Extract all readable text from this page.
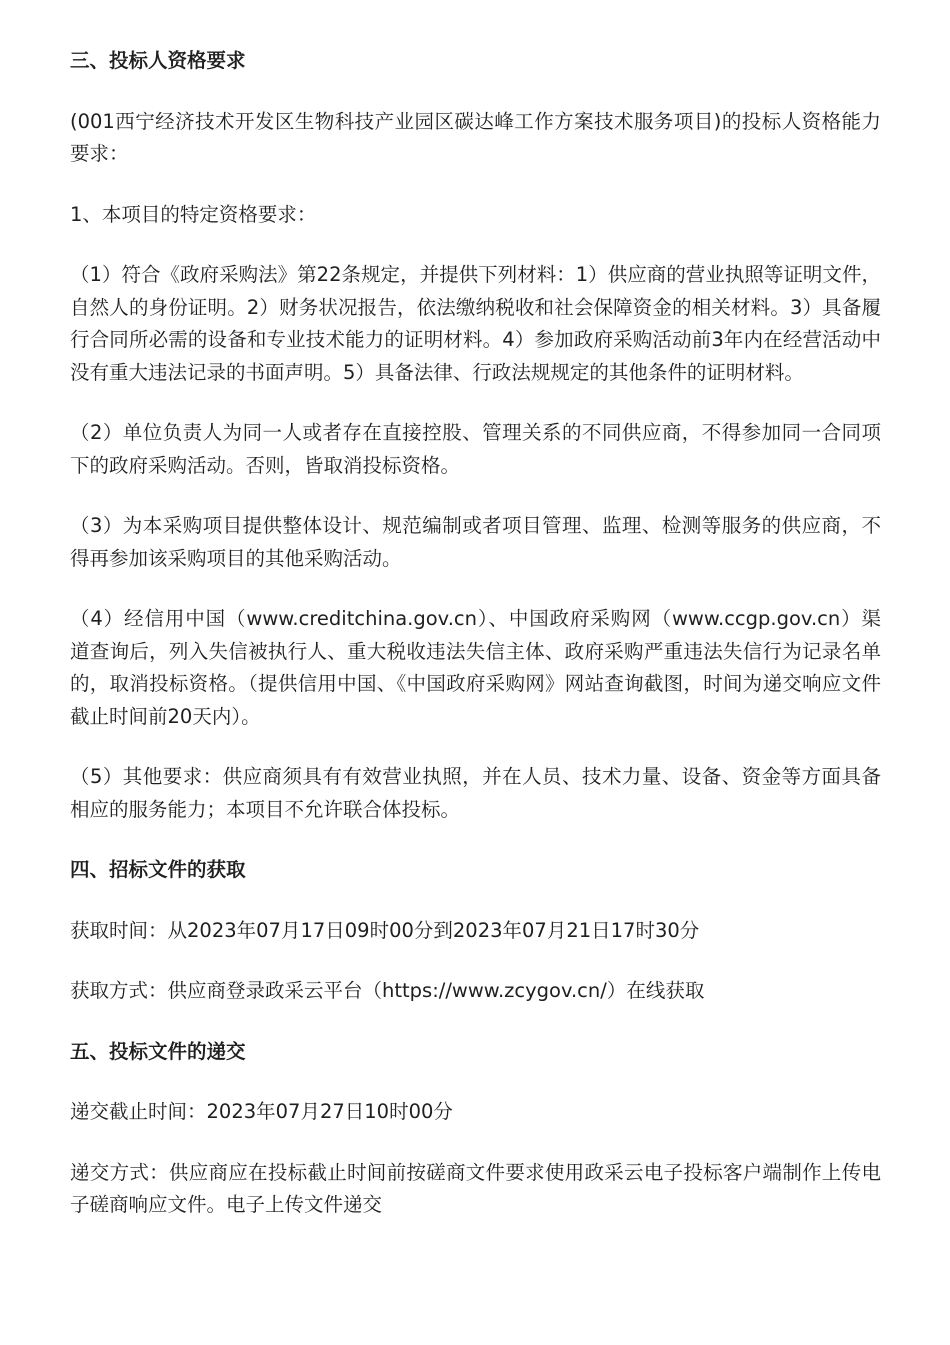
三、投标人资格要求
(001西宁经济技术开发区生物科技产业园区碳达峰工作方案技术服务项目)的投标人资格能力要求：
1、本项目的特定资格要求：
（1）符合《政府采购法》第22条规定，并提供下列材料：1）供应商的营业执照等证明文件，自然人的身份证明。2）财务状况报告，依法缴纳税收和社会保障资金的相关材料。3）具备履行合同所必需的设备和专业技术能力的证明材料。4）参加政府采购活动前3年内在经营活动中没有重大违法记录的书面声明。5）具备法律、行政法规规定的其他条件的证明材料。
（2）单位负责人为同一人或者存在直接控股、管理关系的不同供应商，不得参加同一合同项下的政府采购活动。否则，皆取消投标资格。
（3）为本采购项目提供整体设计、规范编制或者项目管理、监理、检测等服务的供应商，不得再参加该采购项目的其他采购活动。
（4）经信用中国（www.creditchina.gov.cn）、中国政府采购网（www.ccgp.gov.cn）渠道查询后，列入失信被执行人、重大税收违法失信主体、政府采购严重违法失信行为记录名单的，取消投标资格。（提供信用中国、《中国政府采购网》网站查询截图，时间为递交响应文件截止时间前20天内）。
（5）其他要求：供应商须具有有效营业执照，并在人员、技术力量、设备、资金等方面具备相应的服务能力；本项目不允许联合体投标。
四、招标文件的获取
获取时间：从2023年07月17日09时00分到2023年07月21日17时30分
获取方式：供应商登录政采云平台（https://www.zcygov.cn/）在线获取
五、投标文件的递交
递交截止时间：2023年07月27日10时00分
递交方式：供应商应在投标截止时间前按磋商文件要求使用政采云电子投标客户端制作上传电子磋商响应文件。电子上传文件递交
